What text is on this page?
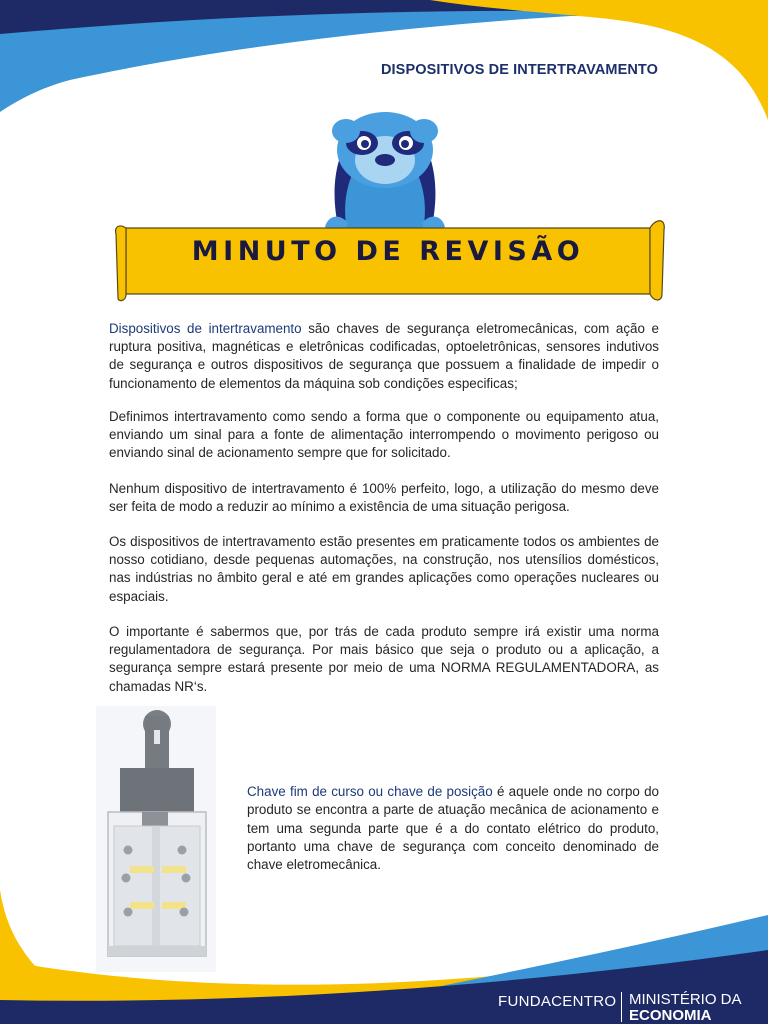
DISPOSITIVOS DE INTERTRAVAMENTO
MINUTO DE REVISÃO

Dispositivos de intertravamento são chaves de segurança eletromecânicas, com ação e ruptura positiva, magnéticas e eletrônicas codificadas, optoeletrônicas, sensores indutivos de segurança e outros dispositivos de segurança que possuem a finalidade de impedir o funcionamento de elementos da máquina sob condições especificas;

Definimos intertravamento como sendo a forma que o componente ou equipamento atua, enviando um sinal para a fonte de alimentação interrompendo o movimento perigoso ou enviando sinal de acionamento sempre que for solicitado.

Nenhum dispositivo de intertravamento é 100% perfeito, logo, a utilização do mesmo deve ser feita de modo a reduzir ao mínimo a existência de uma situação perigosa.

Os dispositivos de intertravamento estão presentes em praticamente todos os ambientes de nosso cotidiano, desde pequenas automações, na construção, nos utensílios domésticos, nas indústrias no âmbito geral e até em grandes aplicações como operações nucleares ou espaciais.

O importante é sabermos que, por trás de cada produto sempre irá existir uma norma regulamentadora de segurança. Por mais básico que seja o produto ou a aplicação, a segurança sempre estará presente por meio de uma NORMA REGULAMENTADORA, as chamadas NR‘s.

Chave fim de curso ou chave de posição é aquele onde no corpo do produto se encontra a parte de atuação mecânica de acionamento e tem uma segunda parte que é a do contato elétrico do produto, portanto uma chave de segurança com conceito denominado de chave eletromecânica.

FUNDACENTRO MINISTÉRIO DA
ECONOMIA
